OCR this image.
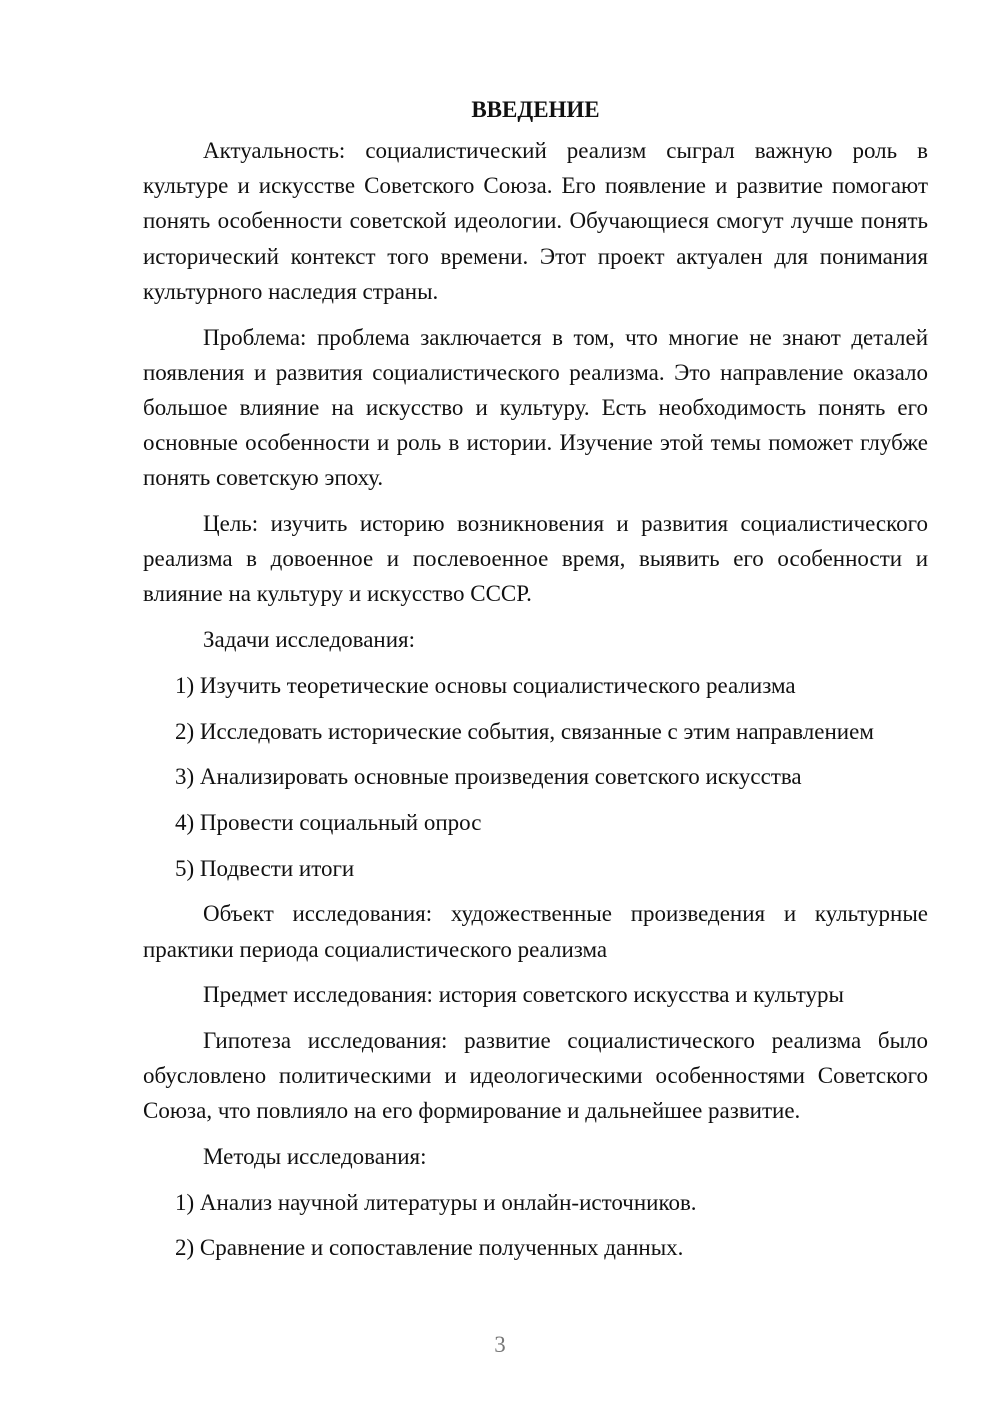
ВВЕДЕНИЕ

Актуальность: социалистический реализм сыграл важную роль в культуре и искусстве Советского Союза. Его появление и развитие помогают понять особенности советской идеологии. Обучающиеся смогут лучше понять исторический контекст того времени. Этот проект актуален для понимания культурного наследия страны.

Проблема: проблема заключается в том, что многие не знают деталей появления и развития социалистического реализма. Это направление оказало большое влияние на искусство и культуру. Есть необходимость понять его основные особенности и роль в истории. Изучение этой темы поможет глубже понять советскую эпоху.

Цель: изучить историю возникновения и развития социалистического реализма в довоенное и послевоенное время, выявить его особенности и влияние на культуру и искусство СССР.

Задачи исследования:

1) Изучить теоретические основы социалистического реализма

2) Исследовать исторические события, связанные с этим направлением

3) Анализировать основные произведения советского искусства

4) Провести социальный опрос

5) Подвести итоги

Объект исследования: художественные произведения и культурные практики периода социалистического реализма

Предмет исследования: история советского искусства и культуры

Гипотеза исследования: развитие социалистического реализма было обусловлено политическими и идеологическими особенностями Советского Союза, что повлияло на его формирование и дальнейшее развитие.

Методы исследования:

1) Анализ научной литературы и онлайн-источников.

2) Сравнение и сопоставление полученных данных.

3
